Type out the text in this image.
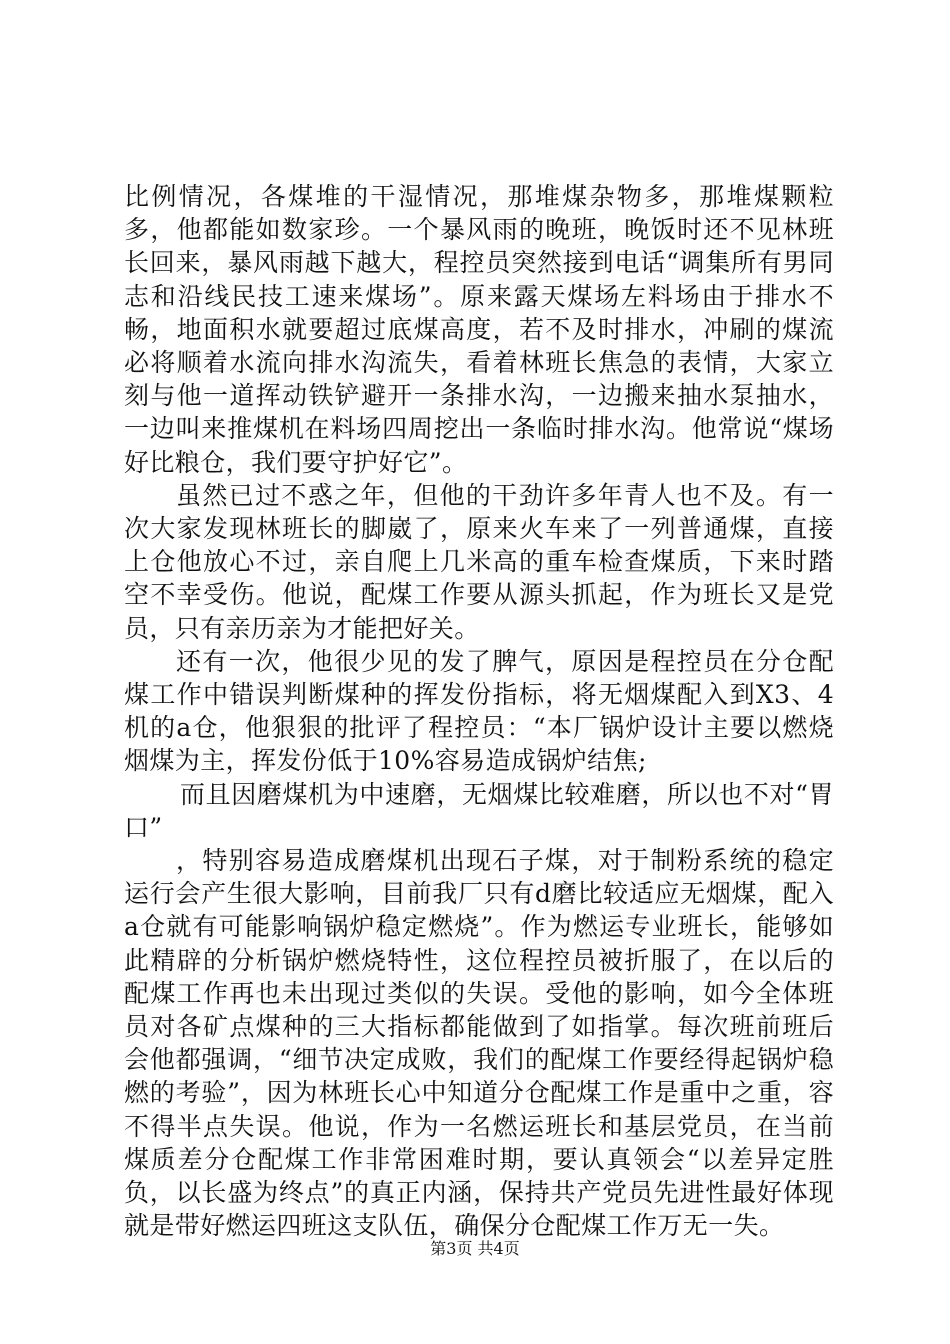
比例情况，各煤堆的干湿情况，那堆煤杂物多，那堆煤颗粒多，他都能如数家珍。一个暴风雨的晚班，晚饭时还不见林班长回来，暴风雨越下越大，程控员突然接到电话“调集所有男同志和沿线民技工速来煤场”。原来露天煤场左料场由于排水不畅，地面积水就要超过底煤高度，若不及时排水，冲刷的煤流必将顺着水流向排水沟流失，看着林班长焦急的表情，大家立刻与他一道挥动铁铲避开一条排水沟，一边搬来抽水泵抽水，一边叫来推煤机在料场四周挖出一条临时排水沟。他常说“煤场好比粮仓，我们要守护好它”。

虽然已过不惑之年，但他的干劲许多年青人也不及。有一次大家发现林班长的脚崴了，原来火车来了一列普通煤，直接上仓他放心不过，亲自爬上几米高的重车检查煤质，下来时踏空不幸受伤。他说，配煤工作要从源头抓起，作为班长又是党员，只有亲历亲为才能把好关。

还有一次，他很少见的发了脾气，原因是程控员在分仓配煤工作中错误判断煤种的挥发份指标，将无烟煤配入到X3、4机的a仓，他狠狠的批评了程控员：“本厂锅炉设计主要以燃烧烟煤为主，挥发份低于10%容易造成锅炉结焦;

而且因磨煤机为中速磨，无烟煤比较难磨，所以也不对“胃口”

，特别容易造成磨煤机出现石子煤，对于制粉系统的稳定运行会产生很大影响，目前我厂只有d磨比较适应无烟煤，配入a仓就有可能影响锅炉稳定燃烧”。作为燃运专业班长，能够如此精辟的分析锅炉燃烧特性，这位程控员被折服了，在以后的配煤工作再也未出现过类似的失误。受他的影响，如今全体班员对各矿点煤种的三大指标都能做到了如指掌。每次班前班后会他都强调，“细节决定成败，我们的配煤工作要经得起锅炉稳燃的考验”，因为林班长心中知道分仓配煤工作是重中之重，容不得半点失误。他说，作为一名燃运班长和基层党员，在当前煤质差分仓配煤工作非常困难时期，要认真领会“以差异定胜负，以长盛为终点”的真正内涵，保持共产党员先进性最好体现就是带好燃运四班这支队伍，确保分仓配煤工作万无一失。

第3页 共4页
